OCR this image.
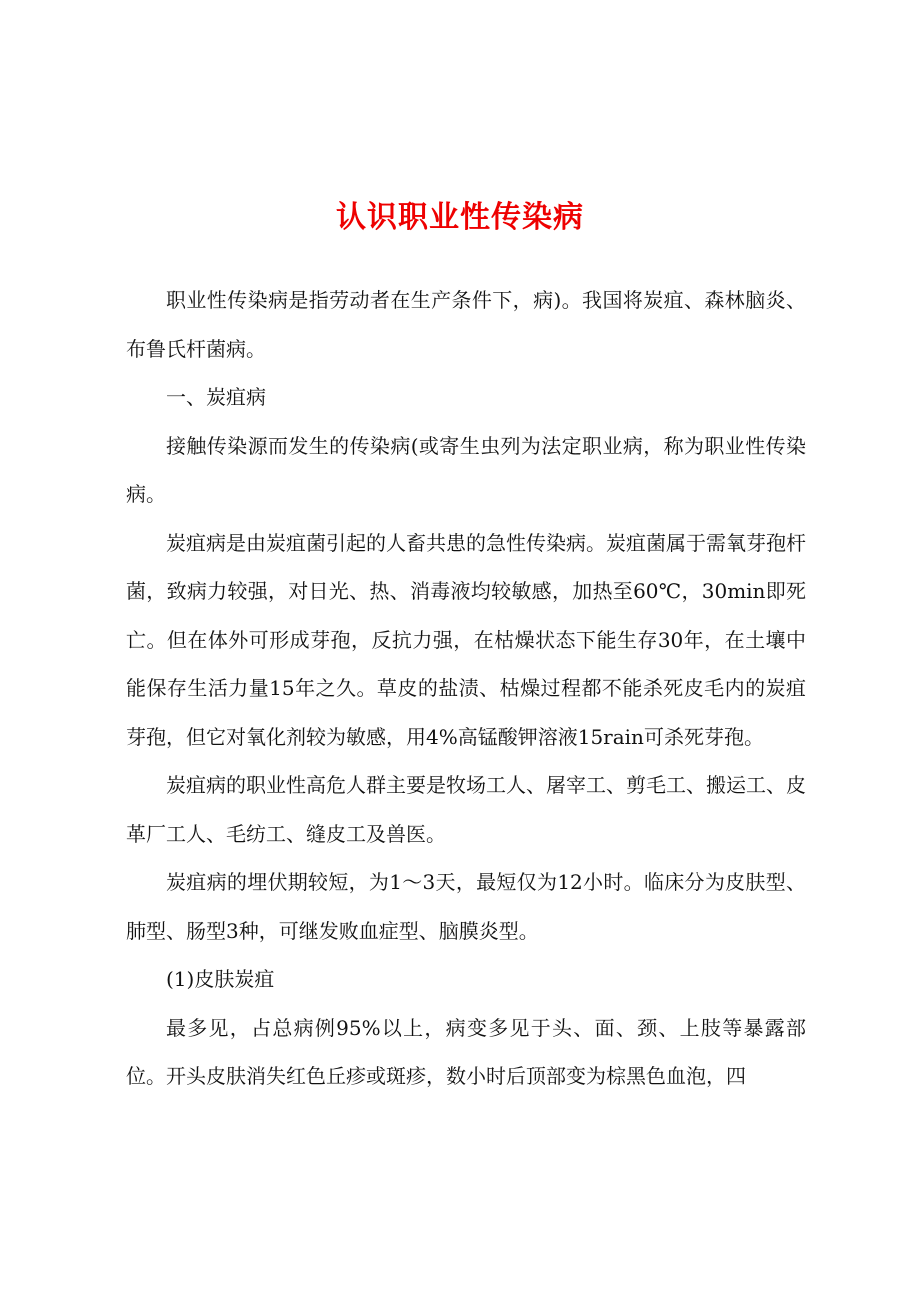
认识职业性传染病

职业性传染病是指劳动者在生产条件下，病)。我国将炭疽、森林脑炎、布鲁氏杆菌病。

一、炭疽病

接触传染源而发生的传染病(或寄生虫列为法定职业病，称为职业性传染病。

炭疽病是由炭疽菌引起的人畜共患的急性传染病。炭疽菌属于需氧芽孢杆菌，致病力较强，对日光、热、消毒液均较敏感，加热至60℃，30min即死亡。但在体外可形成芽孢，反抗力强，在枯燥状态下能生存30年，在土壤中能保存生活力量15年之久。草皮的盐渍、枯燥过程都不能杀死皮毛内的炭疽芽孢，但它对氧化剂较为敏感，用4%高锰酸钾溶液15rain可杀死芽孢。

炭疽病的职业性高危人群主要是牧场工人、屠宰工、剪毛工、搬运工、皮革厂工人、毛纺工、缝皮工及兽医。

炭疽病的埋伏期较短，为1～3天，最短仅为12小时。临床分为皮肤型、肺型、肠型3种，可继发败血症型、脑膜炎型。

(1)皮肤炭疽

最多见，占总病例95%以上，病变多见于头、面、颈、上肢等暴露部位。开头皮肤消失红色丘疹或斑疹，数小时后顶部变为棕黑色血泡，四
